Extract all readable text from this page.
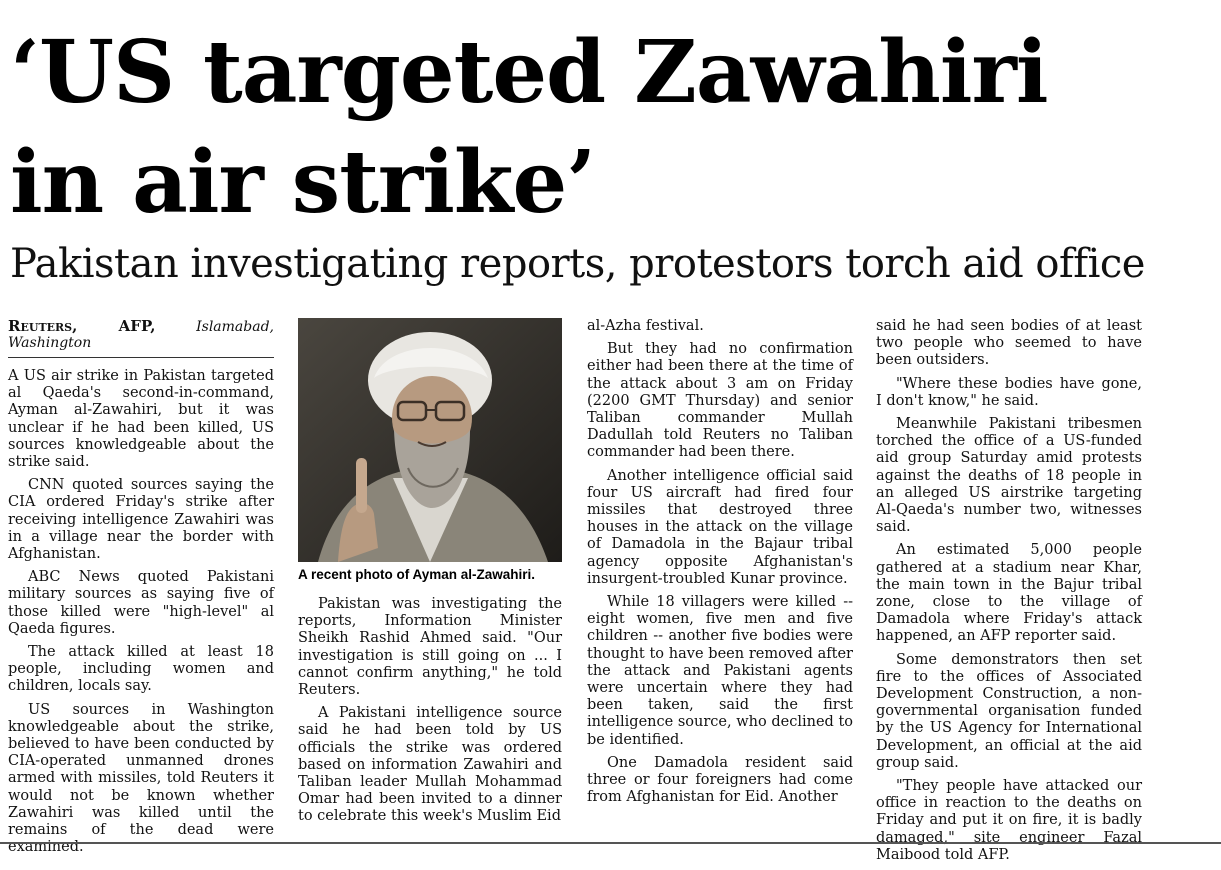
‘US targeted Zawahiri
in air strike’
Pakistan investigating reports, protestors torch aid office
Reuters, AFP,	Islamabad, Washington

A US air strike in Pakistan targeted al Qaeda's second-in-command, Ayman al-Zawahiri, but it was unclear if he had been killed, US sources knowledgeable about the strike said.

CNN quoted sources saying the CIA ordered Friday's strike after receiving intelligence Zawahiri was in a village near the border with Afghanistan.

ABC News quoted Pakistani military sources as saying five of those killed were "high-level" al Qaeda figures.

The attack killed at least 18 people, including women and children, locals say.

US sources in Washington knowledgeable about the strike, believed to have been conducted by CIA-operated unmanned drones armed with missiles, told Reuters it would not be known whether Zawahiri was killed until the remains of the dead were examined.

A recent photo of Ayman al-Zawahiri.

Pakistan was investigating the reports, Information Minister Sheikh Rashid Ahmed said. "Our investigation is still going on ... I cannot confirm anything," he told Reuters.

A Pakistani intelligence source said he had been told by US officials the strike was ordered based on information Zawahiri and Taliban leader Mullah Mohammad Omar had been invited to a dinner to celebrate this week's Muslim Eid

al-Azha festival.

But they had no confirmation either had been there at the time of the attack about 3 am on Friday (2200 GMT Thursday) and senior Taliban commander Mullah Dadullah told Reuters no Taliban commander had been there.

Another intelligence official said four US aircraft had fired four missiles that destroyed three houses in the attack on the village of Damadola in the Bajaur tribal agency opposite Afghanistan's insurgent-troubled Kunar province.

While 18 villagers were killed -- eight women, five men and five children -- another five bodies were thought to have been removed after the attack and Pakistani agents were uncertain where they had been taken, said the first intelligence source, who declined to be identified.

One Damadola resident said three or four foreigners had come from Afghanistan for Eid. Another

said he had seen bodies of at least two people who seemed to have been outsiders.

"Where these bodies have gone, I don't know," he said.

Meanwhile Pakistani tribesmen torched the office of a US-funded aid group Saturday amid protests against the deaths of 18 people in an alleged US airstrike targeting Al-Qaeda's number two, witnesses said.

An estimated 5,000 people gathered at a stadium near Khar, the main town in the Bajur tribal zone, close to the village of Damadola where Friday's attack happened, an AFP reporter said.

Some demonstrators then set fire to the offices of Associated Development Construction, a non-governmental organisation funded by the US Agency for International Development, an official at the aid group said.

"They people have attacked our office in reaction to the deaths on Friday and put it on fire, it is badly damaged," site engineer Fazal Maibood told AFP.
